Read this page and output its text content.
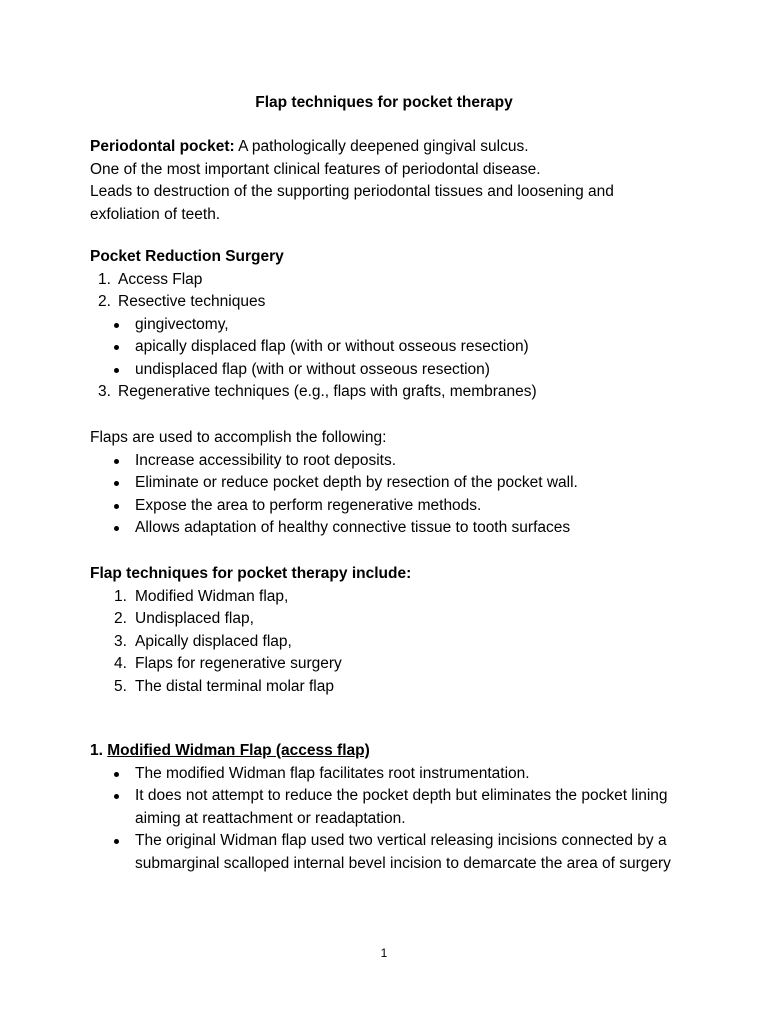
Flap techniques for pocket therapy
Periodontal pocket: A pathologically deepened gingival sulcus.
One of the most important clinical features of periodontal disease.
Leads to destruction of the supporting periodontal tissues and loosening and exfoliation of teeth.
Pocket Reduction Surgery
1. Access Flap
2. Resective techniques
gingivectomy,
apically displaced flap (with or without osseous resection)
undisplaced flap (with or without osseous resection)
3. Regenerative techniques (e.g., flaps with grafts, membranes)
Flaps are used to accomplish the following:
Increase accessibility to root deposits.
Eliminate or reduce pocket depth by resection of the pocket wall.
Expose the area to perform regenerative methods.
Allows adaptation of healthy connective tissue to tooth surfaces
Flap techniques for pocket therapy include:
1. Modified Widman flap,
2. Undisplaced flap,
3. Apically displaced flap,
4. Flaps for regenerative surgery
5. The distal terminal molar flap
1. Modified Widman Flap (access flap)
The modified Widman flap facilitates root instrumentation.
It does not attempt to reduce the pocket depth but eliminates the pocket lining aiming at reattachment or readaptation.
The original Widman flap used two vertical releasing incisions connected by a submarginal scalloped internal bevel incision to demarcate the area of surgery
1
